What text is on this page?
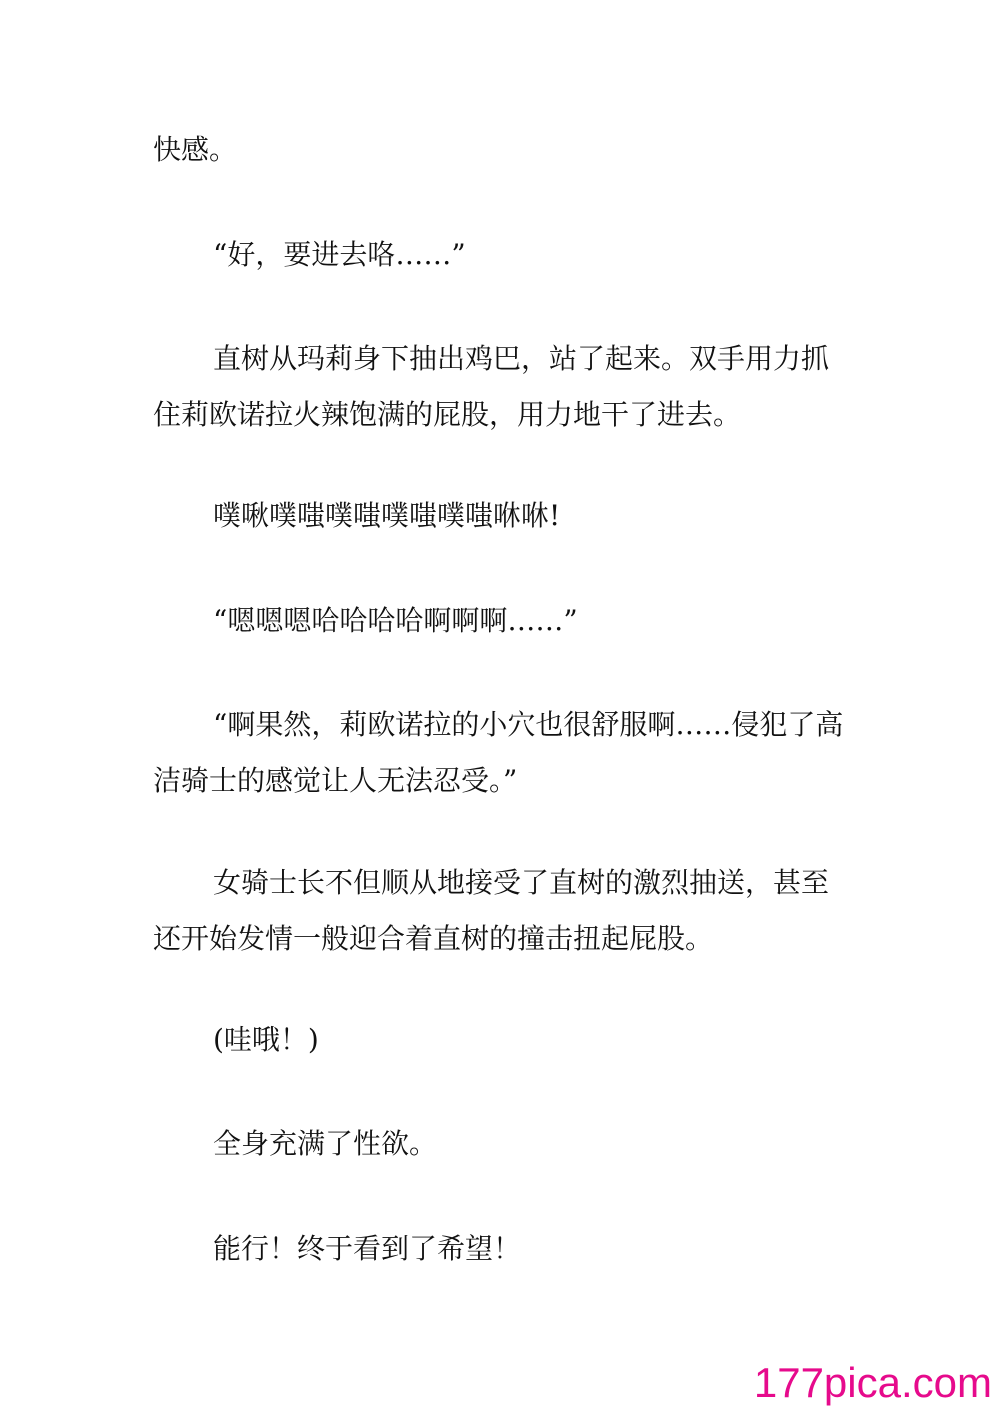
快感。

“好，要进去咯……”

直树从玛莉身下抽出鸡巴，站了起来。双手用力抓住莉欧诺拉火辣饱满的屁股，用力地干了进去。

噗啾噗嗤噗嗤噗嗤噗嗤咻咻!

“嗯嗯嗯哈哈哈哈啊啊啊……”

“啊果然，莉欧诺拉的小穴也很舒服啊……侵犯了高洁骑士的感觉让人无法忍受。”

女骑士长不但顺从地接受了直树的激烈抽送，甚至还开始发情一般迎合着直树的撞击扭起屁股。

(哇哦！)

全身充满了性欲。

能行！终于看到了希望！

177pica.com
